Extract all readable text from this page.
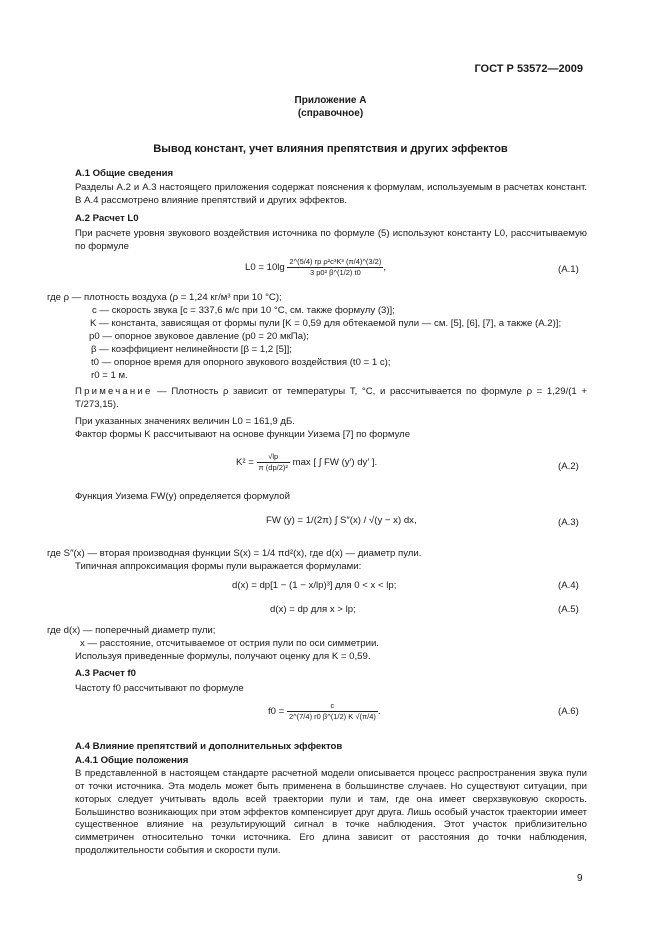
ГОСТ Р 53572—2009
Приложение А
(справочное)
Вывод констант, учет влияния препятствия и других эффектов
А.1 Общие сведения
Разделы А.2 и А.3 настоящего приложения содержат пояснения к формулам, используемым в расчетах констант. В А.4 рассмотрено влияние препятствий и других эффектов.
А.2 Расчет L0
При расчете уровня звукового воздействия источника по формуле (5) используют константу L0, рассчитываемую по формуле
$L0 = 10\lg \frac{\text{2\textasciicircum{}(5/4) rp ρ²c³K³ (π/4)\textasciicircum{}(3/2)}}{\text{3 p0² β\textasciicircum{}(1/2) t0}}$ ,	(А.1)
где ρ — плотность воздуха (ρ = 1,24 кг/м³ при 10 °С);
c — скорость звука [c = 337,6 м/с при 10 °С, см. также формулу (3)];
K — константа, зависящая от формы пули [K = 0,59 для обтекаемой пули — см. [5], [6], [7], а также (А.2)];
p0 — опорное звуковое давление (p0 = 20 мкПа);
β — коэффициент нелинейности [β = 1,2 [5]];
t0 — опорное время для опорного звукового воздействия (t0 = 1 с);
r0 = 1 м.
Примечание — Плотность ρ зависит от температуры T, °С, и рассчитывается по формуле ρ = 1,29/(1 + T/273,15).
При указанных значениях величин L0 = 161,9 дБ.
Фактор формы K рассчитывают на основе функции Уизема [7] по формуле
$K^2 = \frac{√lp}{\text{π (dp/2)²}}$ max [ ∫ FW (y′) dy′ ].	(А.2)
Функция Уизема FW(y) определяется формулой
FW (y) = 1/(2π) ∫ S″(x) / √(y − x) dx,	(А.3)
где S″(x) — вторая производная функции S(x) = 1/4 πd²(x), где d(x) — диаметр пули.
Типичная аппроксимация формы пули выражается формулами:
d(x) = dp[1 − (1 − x/lp)³] для 0 < x < lp;	(А.4)
d(x) = dp для x > lp;	(А.5)
где d(x) — поперечный диаметр пули;
x — расстояние, отсчитываемое от острия пули по оси симметрии.
Используя приведенные формулы, получают оценку для K = 0,59.
А.3 Расчет f0
Частоту f0 рассчитывают по формуле
$f0 = \frac{c}{2\^{}(7/4) r0 \beta\^{}(1/2) K √(\pi/4)}$ .	(А.6)
А.4 Влияние препятствий и дополнительных эффектов
А.4.1 Общие положения
В представленной в настоящем стандарте расчетной модели описывается процесс распространения звука пули от точки источника. Эта модель может быть применена в большинстве случаев. Но существуют ситуации, при которых следует учитывать вдоль всей траектории пули и там, где она имеет сверхзвуковую скорость. Большинство возникающих при этом эффектов компенсирует друг друга. Лишь особый участок траектории имеет существенное влияние на результирующий сигнал в точке наблюдения. Этот участок приблизительно симметричен относительно точки источника. Его длина зависит от расстояния до точки наблюдения, продолжительности события и скорости пули.
9
